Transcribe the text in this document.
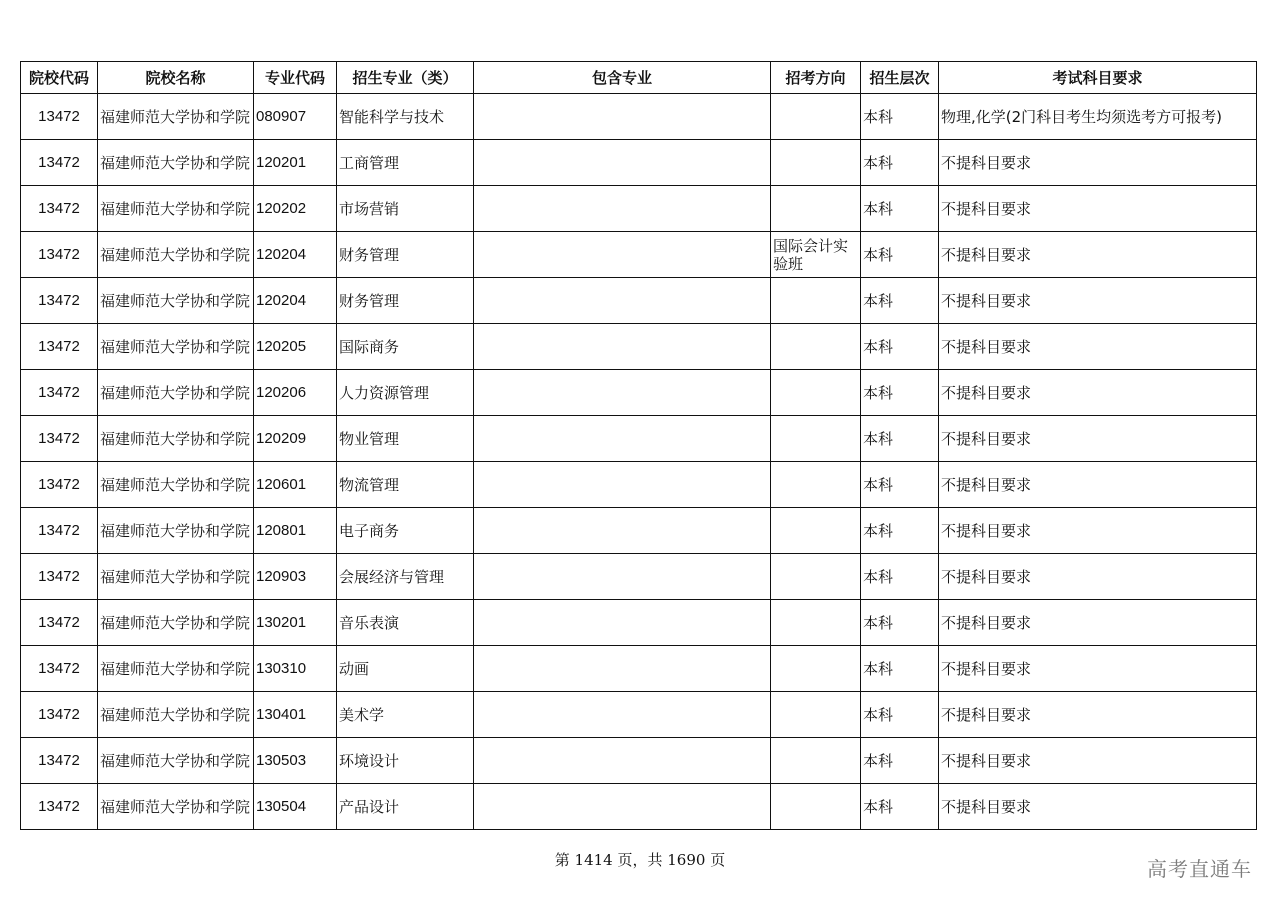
院校代码	院校名称	专业代码	招生专业（类）	包含专业	招考方向	招生层次	考试科目要求
13472	福建师范大学协和学院	080907	智能科学与技术			本科	物理,化学(2门科目考生均须选考方可报考)
13472	福建师范大学协和学院	120201	工商管理			本科	不提科目要求
13472	福建师范大学协和学院	120202	市场营销			本科	不提科目要求
13472	福建师范大学协和学院	120204	财务管理		国际会计实验班	本科	不提科目要求
13472	福建师范大学协和学院	120204	财务管理			本科	不提科目要求
13472	福建师范大学协和学院	120205	国际商务			本科	不提科目要求
13472	福建师范大学协和学院	120206	人力资源管理			本科	不提科目要求
13472	福建师范大学协和学院	120209	物业管理			本科	不提科目要求
13472	福建师范大学协和学院	120601	物流管理			本科	不提科目要求
13472	福建师范大学协和学院	120801	电子商务			本科	不提科目要求
13472	福建师范大学协和学院	120903	会展经济与管理			本科	不提科目要求
13472	福建师范大学协和学院	130201	音乐表演			本科	不提科目要求
13472	福建师范大学协和学院	130310	动画			本科	不提科目要求
13472	福建师范大学协和学院	130401	美术学			本科	不提科目要求
13472	福建师范大学协和学院	130503	环境设计			本科	不提科目要求
13472	福建师范大学协和学院	130504	产品设计			本科	不提科目要求
第 1414 页，共 1690 页	高考直通车
